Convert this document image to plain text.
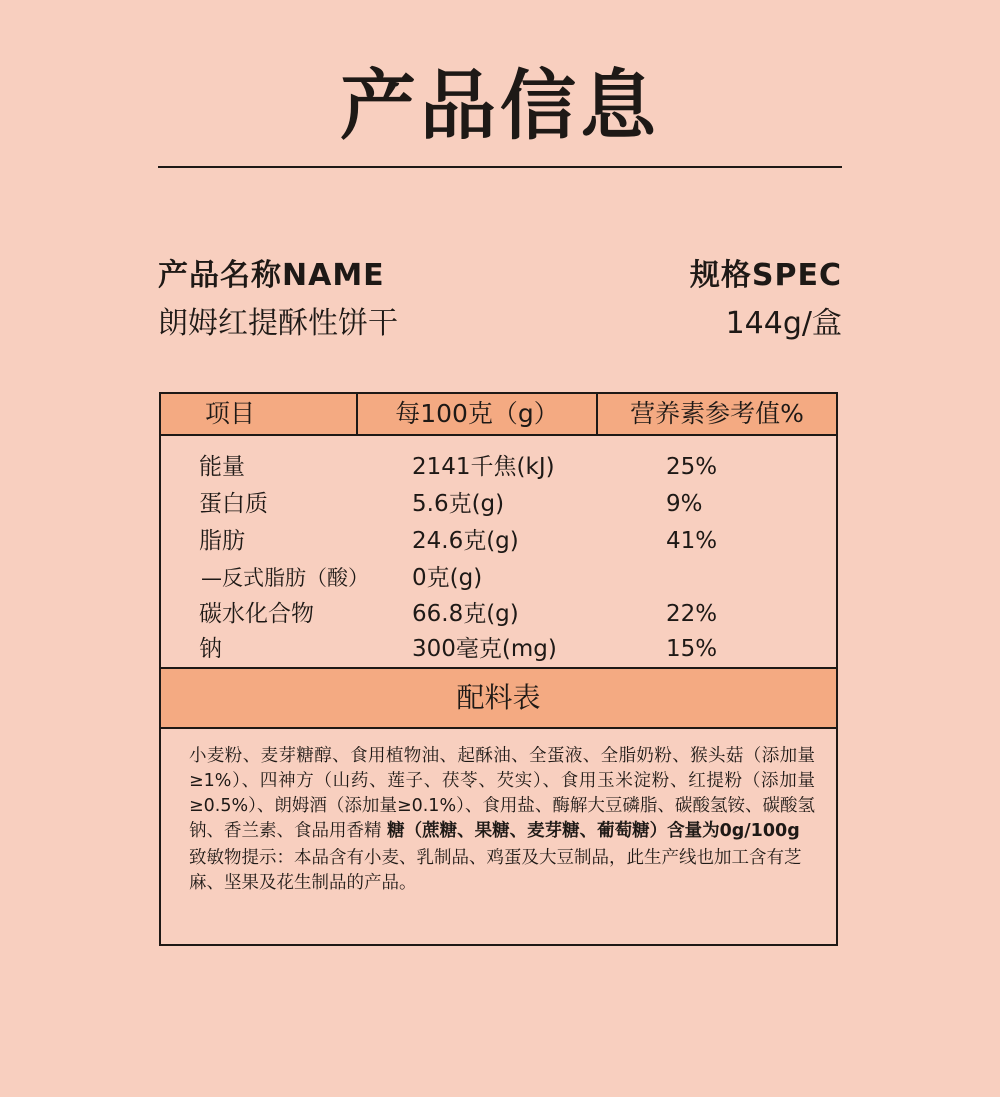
产品信息
产品名称NAME
朗姆红提酥性饼干
规格SPEC
144g/盒
项目	每100克（g）	营养素参考值%
能量	2141千焦(kJ)	25%
蛋白质	5.6克(g)	9%
脂肪	24.6克(g)	41%
—反式脂肪（酸） 0克(g)
碳水化合物	66.8克(g)	22%
钠	300毫克(mg)	15%
配料表
小麦粉、麦芽糖醇、食用植物油、起酥油、全蛋液、全脂奶粉、猴头菇（添加量≥1%）、四神方（山药、莲子、茯苓、芡实）、食用玉米淀粉、红提粉（添加量≥0.5%）、朗姆酒（添加量≥0.1%）、食用盐、酶解大豆磷脂、碳酸氢铵、碳酸氢钠、香兰素、食品用香精 糖（蔗糖、果糖、麦芽糖、葡萄糖）含量为0g/100g
致敏物提示：本品含有小麦、乳制品、鸡蛋及大豆制品，此生产线也加工含有芝麻、坚果及花生制品的产品。
